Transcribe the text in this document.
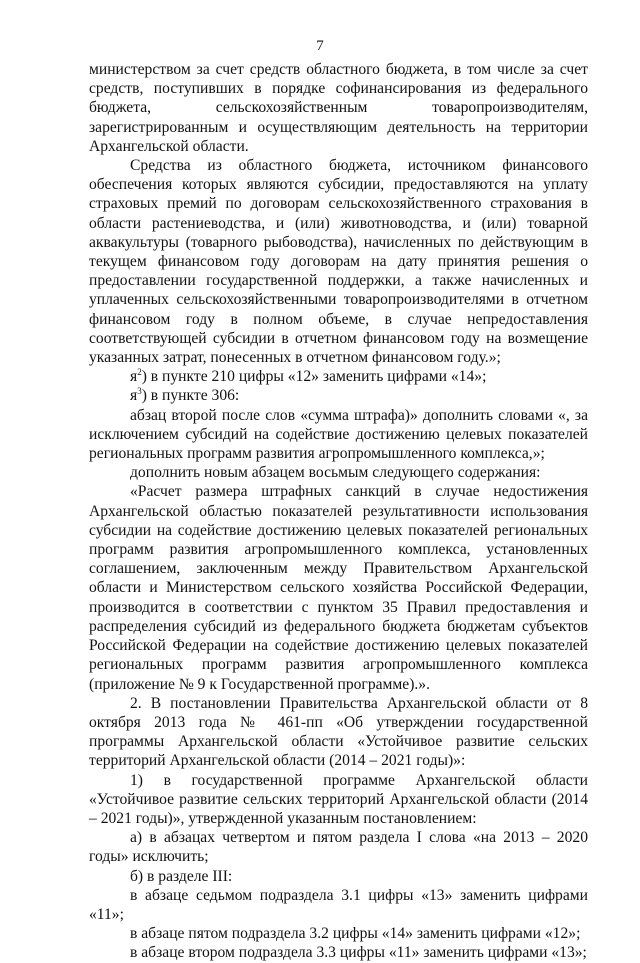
7

министерством за счет средств областного бюджета, в том числе за счет средств, поступивших в порядке софинансирования из федерального бюджета, сельскохозяйственным товаропроизводителям, зарегистрированным и осуществляющим деятельность на территории Архангельской области.

Средства из областного бюджета, источником финансового обеспечения которых являются субсидии, предоставляются на уплату страховых премий по договорам сельскохозяйственного страхования в области растениеводства, и (или) животноводства, и (или) товарной аквакультуры (товарного рыбоводства), начисленных по действующим в текущем финансовом году договорам на дату принятия решения о предоставлении государственной поддержки, а также начисленных и уплаченных сельскохозяйственными товаропроизводителями в отчетном финансовом году в полном объеме, в случае непредоставления соответствующей субсидии в отчетном финансовом году на возмещение указанных затрат, понесенных в отчетном финансовом году.»;

$я^2$) в пункте 210 цифры «12» заменить цифрами «14»;

$я^3$) в пункте 306:

абзац второй после слов «сумма штрафа)» дополнить словами «, за исключением субсидий на содействие достижению целевых показателей региональных программ развития агропромышленного комплекса,»;

дополнить новым абзацем восьмым следующего содержания:

«Расчет размера штрафных санкций в случае недостижения Архангельской областью показателей результативности использования субсидии на содействие достижению целевых показателей региональных программ развития агропромышленного комплекса, установленных соглашением, заключенным между Правительством Архангельской области и Министерством сельского хозяйства Российской Федерации, производится в соответствии с пунктом 35 Правил предоставления и распределения субсидий из федерального бюджета бюджетам субъектов Российской Федерации на содействие достижению целевых показателей региональных программ развития агропромышленного комплекса (приложение № 9 к Государственной программе).».

2. В постановлении Правительства Архангельской области от 8 октября 2013 года № 461-пп «Об утверждении государственной программы Архангельской области «Устойчивое развитие сельских территорий Архангельской области (2014 – 2021 годы)»:

1) в государственной программе Архангельской области «Устойчивое развитие сельских территорий Архангельской области (2014 – 2021 годы)», утвержденной указанным постановлением:

а) в абзацах четвертом и пятом раздела I слова «на 2013 – 2020 годы» исключить;

б) в разделе III:

в абзаце седьмом подраздела 3.1 цифры «13» заменить цифрами «11»;

в абзаце пятом подраздела 3.2 цифры «14» заменить цифрами «12»;

в абзаце втором подраздела 3.3 цифры «11» заменить цифрами «13»;
